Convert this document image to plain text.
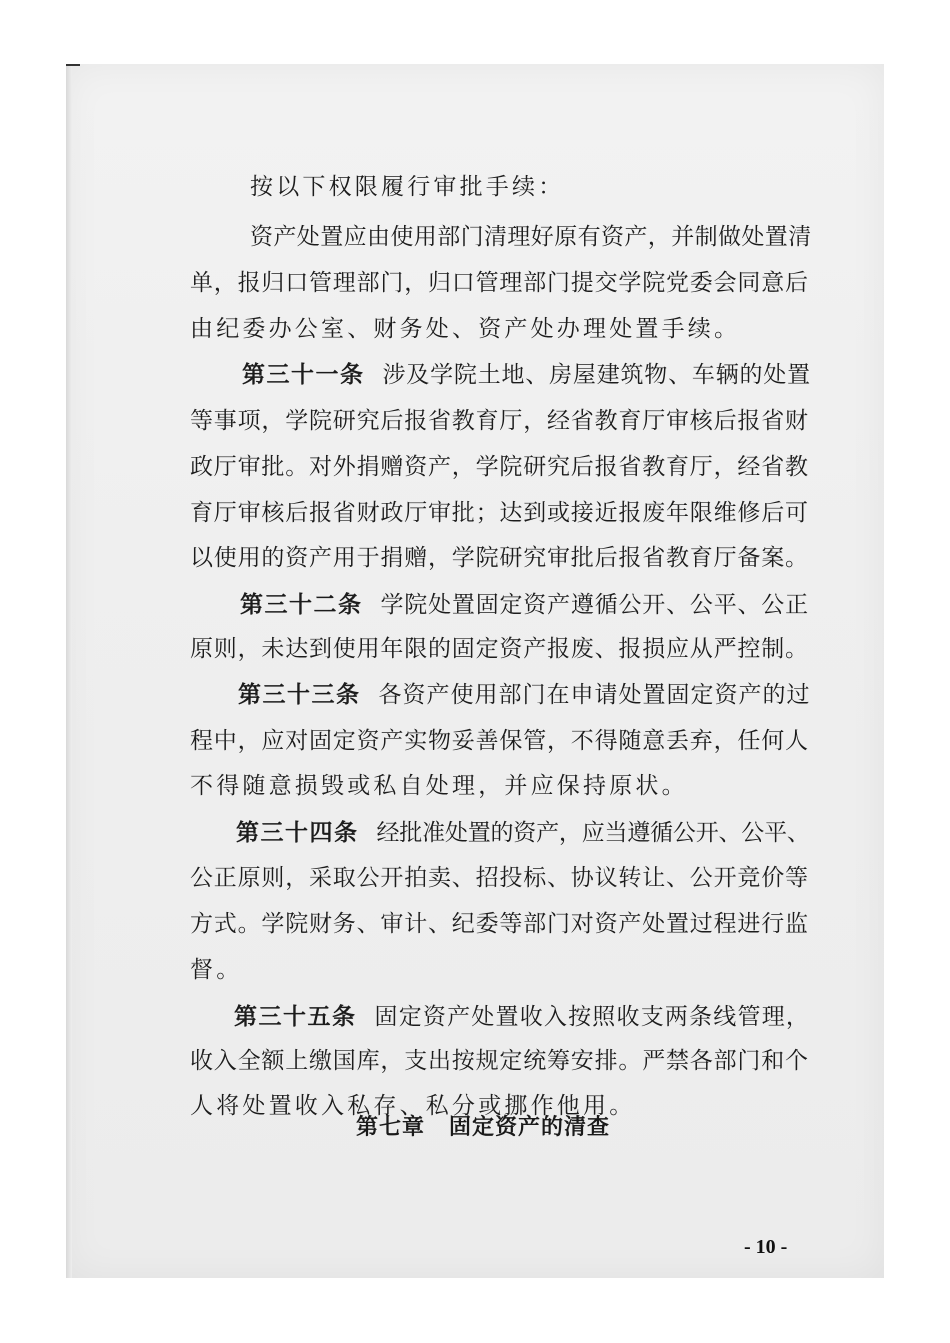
按以下权限履行审批手续：
资产处置应由使用部门清理好原有资产，并制做处置清
单，报归口管理部门，归口管理部门提交学院党委会同意后
由纪委办公室、财务处、资产处办理处置手续。
第三十一条 涉及学院土地、房屋建筑物、车辆的处置
等事项，学院研究后报省教育厅，经省教育厅审核后报省财
政厅审批。对外捐赠资产，学院研究后报省教育厅，经省教
育厅审核后报省财政厅审批；达到或接近报废年限维修后可
以使用的资产用于捐赠，学院研究审批后报省教育厅备案。
第三十二条 学院处置固定资产遵循公开、公平、公正
原则，未达到使用年限的固定资产报废、报损应从严控制。
第三十三条 各资产使用部门在申请处置固定资产的过
程中，应对固定资产实物妥善保管，不得随意丢弃，任何人
不得随意损毁或私自处理，并应保持原状。
第三十四条 经批准处置的资产，应当遵循公开、公平、
公正原则，采取公开拍卖、招投标、协议转让、公开竞价等
方式。学院财务、审计、纪委等部门对资产处置过程进行监
督。
第三十五条 固定资产处置收入按照收支两条线管理，
收入全额上缴国库，支出按规定统筹安排。严禁各部门和个
人将处置收入私存、私分或挪作他用。
第七章 固定资产的清查
- 10 -
